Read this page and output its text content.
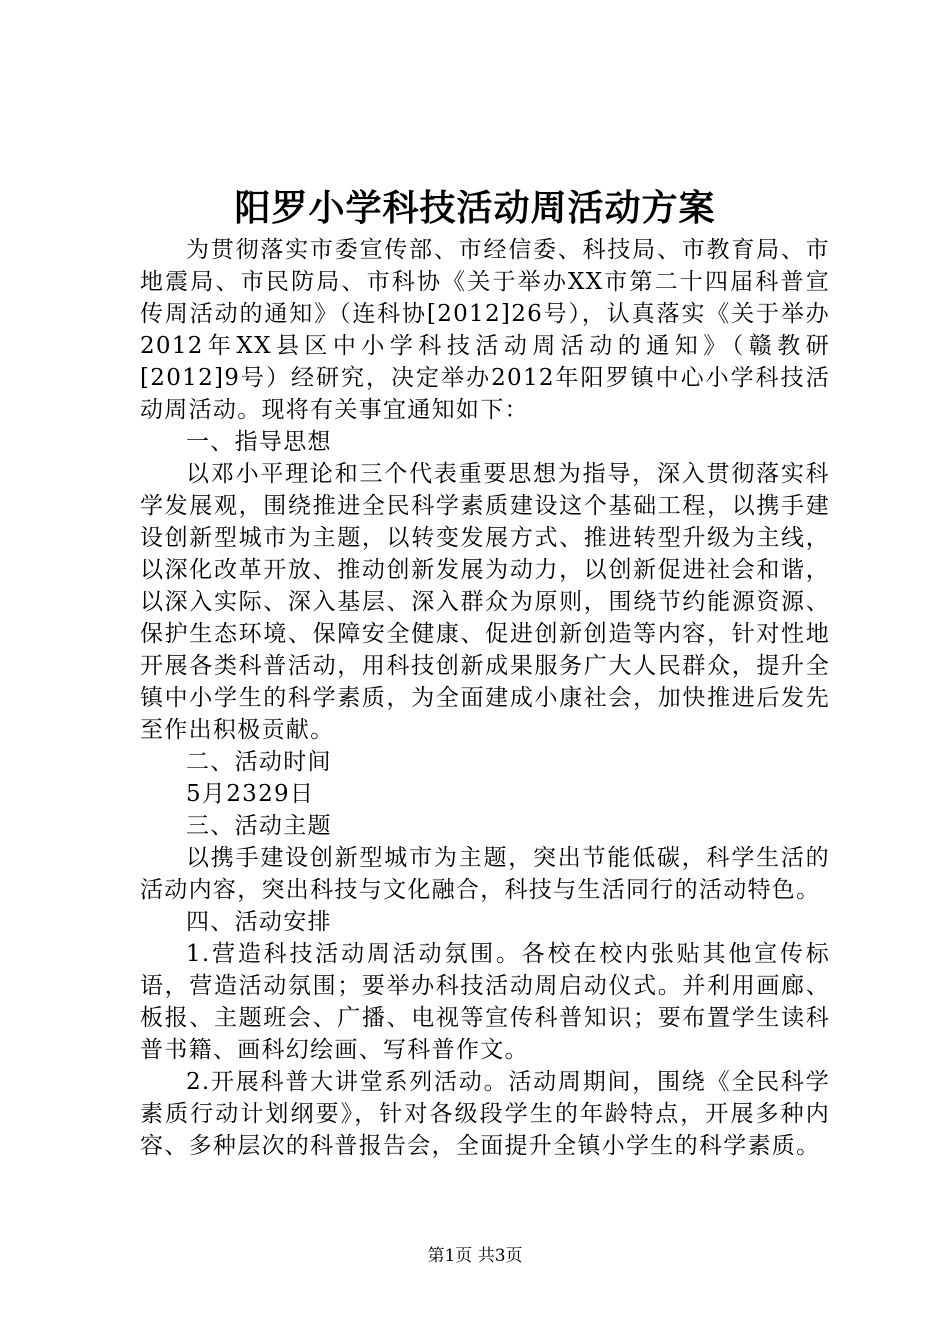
阳罗小学科技活动周活动方案

为贯彻落实市委宣传部、市经信委、科技局、市教育局、市地震局、市民防局、市科协《关于举办XX市第二十四届科普宣传周活动的通知》（连科协[2012]26号），认真落实《关于举办2012年XX县区中小学科技活动周活动的通知》（赣教研[2012]9号）经研究，决定举办2012年阳罗镇中心小学科技活动周活动。现将有关事宜通知如下：

一、指导思想

以邓小平理论和三个代表重要思想为指导，深入贯彻落实科学发展观，围绕推进全民科学素质建设这个基础工程，以携手建设创新型城市为主题，以转变发展方式、推进转型升级为主线，以深化改革开放、推动创新发展为动力，以创新促进社会和谐，以深入实际、深入基层、深入群众为原则，围绕节约能源资源、保护生态环境、保障安全健康、促进创新创造等内容，针对性地开展各类科普活动，用科技创新成果服务广大人民群众，提升全镇中小学生的科学素质，为全面建成小康社会，加快推进后发先至作出积极贡献。

二、活动时间

5月2329日

三、活动主题

以携手建设创新型城市为主题，突出节能低碳，科学生活的活动内容，突出科技与文化融合，科技与生活同行的活动特色。

四、活动安排

1.营造科技活动周活动氛围。各校在校内张贴其他宣传标语，营造活动氛围；要举办科技活动周启动仪式。并利用画廊、板报、主题班会、广播、电视等宣传科普知识；要布置学生读科普书籍、画科幻绘画、写科普作文。

2.开展科普大讲堂系列活动。活动周期间，围绕《全民科学素质行动计划纲要》，针对各级段学生的年龄特点，开展多种内容、多种层次的科普报告会，全面提升全镇小学生的科学素质。

第1页 共3页
